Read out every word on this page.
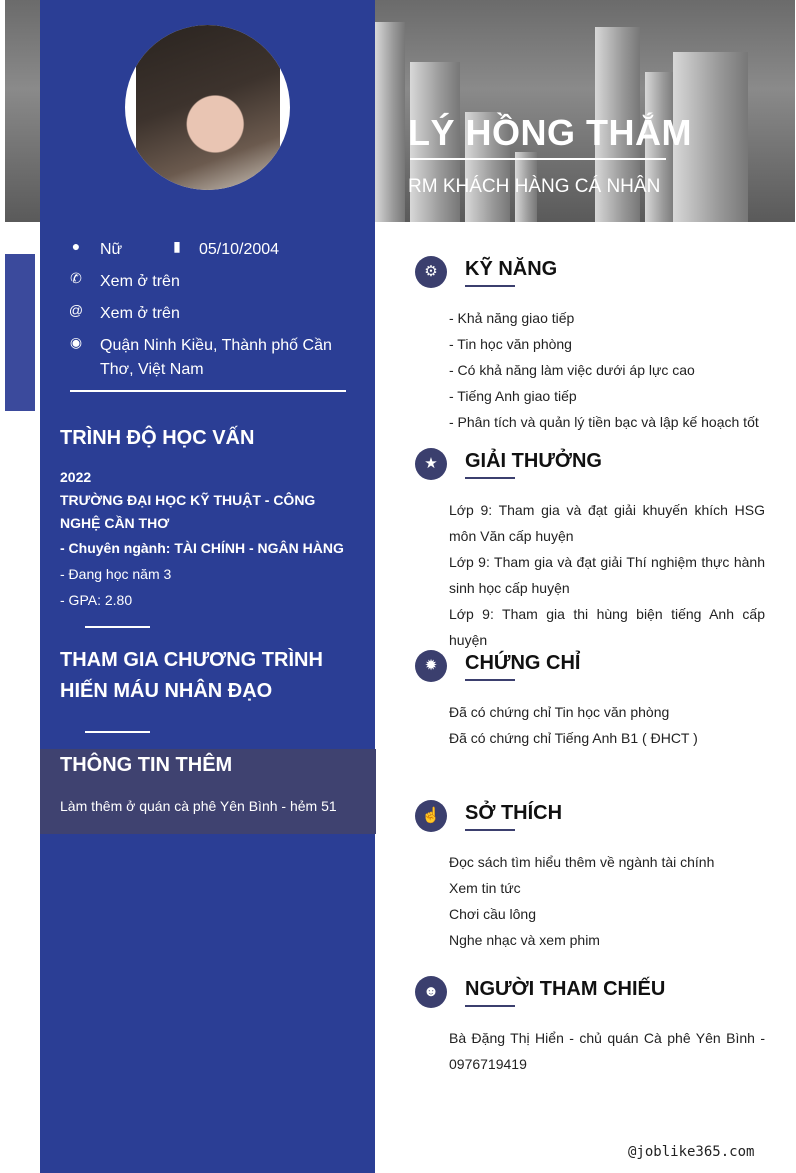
LÝ HỒNG THẮM
RM KHÁCH HÀNG CÁ NHÂN
● Nữ	▮	05/10/2004
✆ Xem ở trên
@ Xem ở trên
◉ Quận Ninh Kiều, Thành phố Cần Thơ, Việt Nam
TRÌNH ĐỘ HỌC VẤN
2022
TRƯỜNG ĐẠI HỌC KỸ THUẬT - CÔNG NGHỆ CẦN THƠ
- Chuyên ngành: TÀI CHÍNH - NGÂN HÀNG
- Đang học năm 3
- GPA: 2.80
THAM GIA CHƯƠNG TRÌNH
HIẾN MÁU NHÂN ĐẠO
THÔNG TIN THÊM
Làm thêm ở quán cà phê Yên Bình - hẻm 51
⚙	KỸ NĂNG
- Khả năng giao tiếp
- Tin học văn phòng
- Có khả năng làm việc dưới áp lực cao
- Tiếng Anh giao tiếp
- Phân tích và quản lý tiền bạc và lập kế hoạch tốt
★	GIẢI THƯỞNG
Lớp 9: Tham gia và đạt giải khuyến khích HSG môn Văn cấp huyện
Lớp 9: Tham gia và đạt giải Thí nghiệm thực hành sinh học cấp huyện
Lớp 9: Tham gia thi hùng biện tiếng Anh cấp huyện
✹	CHỨNG CHỈ
Đã có chứng chỉ Tin học văn phòng
Đã có chứng chỉ Tiếng Anh B1 ( ĐHCT )
☝	SỞ THÍCH
Đọc sách tìm hiểu thêm về ngành tài chính
Xem tin tức
Chơi cầu lông
Nghe nhạc và xem phim
☻	NGƯỜI THAM CHIẾU
Bà Đặng Thị Hiển - chủ quán Cà phê Yên Bình - 0976719419
@joblike365.com
